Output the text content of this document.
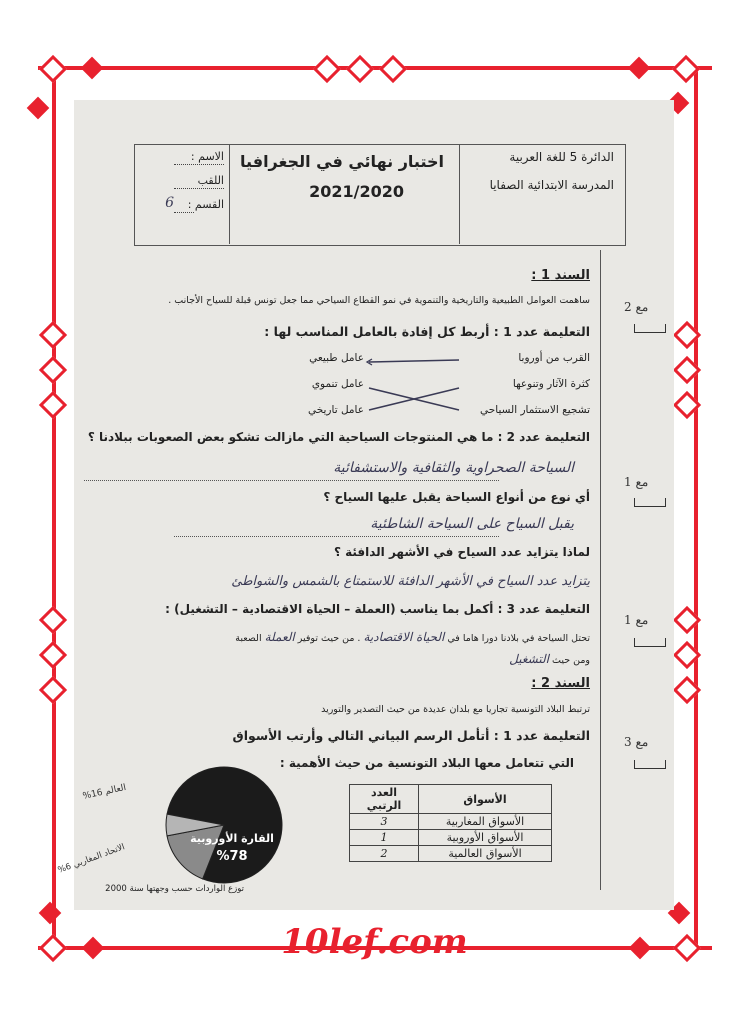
الاسم :
اللقب
القسم :
6
اختبار نهائي في الجغرافيا
2021/2020
الدائرة 5 للغة العربية
المدرسة الابتدائية الصفايا
السند 1 :
ساهمت العوامل الطبيعية والتاريخية والتنموية في نمو القطاع السياحي مما جعل تونس قبلة للسياح الأجانب .
التعليمة عدد 1 : أربط كل إفادة بالعامل المناسب لها :
القرب من أوروبا
كثرة الآثار وتنوعها
تشجيع الاستثمار السياحي
عامل طبيعي
عامل تنموي
عامل تاريخي
التعليمة عدد 2 : ما هي المنتوجات السياحية التي مازالت تشكو بعض الصعوبات ببلادنا ؟
السياحة الصحراوية والثقافية والاستشفائية
أي نوع من أنواع السياحة يقبل عليها السياح ؟
يقبل السياح على السياحة الشاطئية
لماذا يتزايد عدد السياح في الأشهر الدافئة ؟
يتزايد عدد السياح في الأشهر الدافئة للاستمتاع بالشمس والشواطئ
التعليمة عدد 3 : أكمل بما يناسب (العملة – الحياة الاقتصادية – التشغيل) :
تحتل السياحة في بلادنا دورا هاما في الحياة الاقتصادية . من حيث توفير العملة الصعبة
ومن حيث التشغيل
السند 2 :
ترتبط البلاد التونسية تجاريا مع بلدان عديدة من حيث التصدير والتوريد
التعليمة عدد 1 : أتأمل الرسم البياني التالي وأرتب الأسواق
التي تتعامل معها البلاد التونسية من حيث الأهمية :
الأسواق	العدد الرتبي
الأسواق المغاربية	3
الأسواق الأوروبية	1
الأسواق العالمية	2
القارة الأوروبية
%78
العالم 16%
الاتحاد المغاربي 6%
توزع الواردات حسب وجهتها سنة 2000
مع 2
مع 1
مع 1
مع 3
10lef.com
